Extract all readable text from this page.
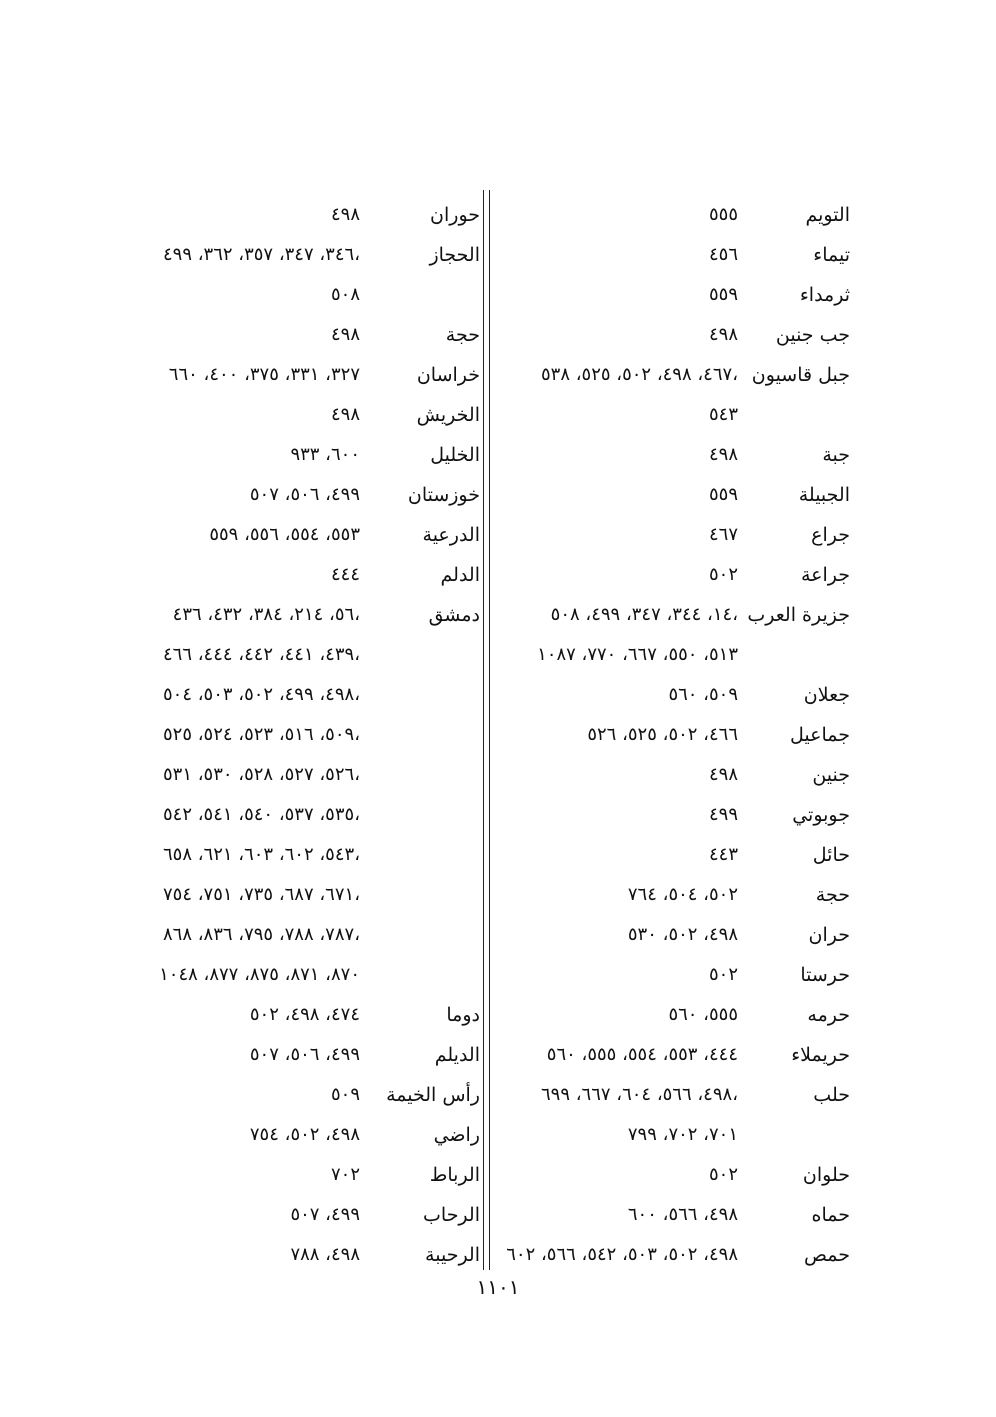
التويم
٥٥٥
تيماء
٤٥٦
ثرمداء
٥٥٩
جب جنين
٤٩٨
جبل قاسيون
٤٦٧، ٤٩٨، ٥٠٢، ٥٢٥، ٥٣٨،
٥٤٣
جبة
٤٩٨
الجبيلة
٥٥٩
جراع
٤٦٧
جراعة
٥٠٢
جزيرة العرب
١٤، ٣٤٤، ٣٤٧، ٤٩٩، ٥٠٨،
٥١٣، ٥٥٠، ٦٦٧، ٧٧٠، ١٠٨٧
جعلان
٥٠٩، ٥٦٠
جماعيل
٤٦٦، ٥٠٢، ٥٢٥، ٥٢٦
جنين
٤٩٨
جوبوتي
٤٩٩
حائل
٤٤٣
حجة
٥٠٢، ٥٠٤، ٧٦٤
حران
٤٩٨، ٥٠٢، ٥٣٠
حرستا
٥٠٢
حرمه
٥٥٥، ٥٦٠
حريملاء
٤٤٤، ٥٥٣، ٥٥٤، ٥٥٥، ٥٦٠
حلب
٤٩٨، ٥٦٦، ٦٠٤، ٦٦٧، ٦٩٩،
٧٠١، ٧٠٢، ٧٩٩
حلوان
٥٠٢
حماه
٤٩٨، ٥٦٦، ٦٠٠
حمص
٤٩٨، ٥٠٢، ٥٠٣، ٥٤٢، ٥٦٦، ٦٠٢
حوران
٤٩٨
الحجاز
٣٤٦، ٣٤٧، ٣٥٧، ٣٦٢، ٤٩٩،
٥٠٨
حجة
٤٩٨
خراسان
٣٢٧، ٣٣١، ٣٧٥، ٤٠٠، ٦٦٠
الخريش
٤٩٨
الخليل
٦٠٠، ٩٣٣
خوزستان
٤٩٩، ٥٠٦، ٥٠٧
الدرعية
٥٥٣، ٥٥٤، ٥٥٦، ٥٥٩
الدلم
٤٤٤
دمشق
٥٦، ٢١٤، ٣٨٤، ٤٣٢، ٤٣٦،
٤٣٩، ٤٤١، ٤٤٢، ٤٤٤، ٤٦٦،
٤٩٨، ٤٩٩، ٥٠٢، ٥٠٣، ٥٠٤،
٥٠٩، ٥١٦، ٥٢٣، ٥٢٤، ٥٢٥،
٥٢٦، ٥٢٧، ٥٢٨، ٥٣٠، ٥٣١،
٥٣٥، ٥٣٧، ٥٤٠، ٥٤١، ٥٤٢،
٥٤٣، ٦٠٢، ٦٠٣، ٦٢١، ٦٥٨،
٦٧١، ٦٨٧، ٧٣٥، ٧٥١، ٧٥٤،
٧٨٧، ٧٨٨، ٧٩٥، ٨٣٦، ٨٦٨،
٨٧٠، ٨٧١، ٨٧٥، ٨٧٧، ١٠٤٨
دوما
٤٧٤، ٤٩٨، ٥٠٢
الديلم
٤٩٩، ٥٠٦، ٥٠٧
رأس الخيمة
٥٠٩
راضي
٤٩٨، ٥٠٢، ٧٥٤
الرباط
٧٠٢
الرحاب
٤٩٩، ٥٠٧
الرحيبة
٤٩٨، ٧٨٨
١١٠١
